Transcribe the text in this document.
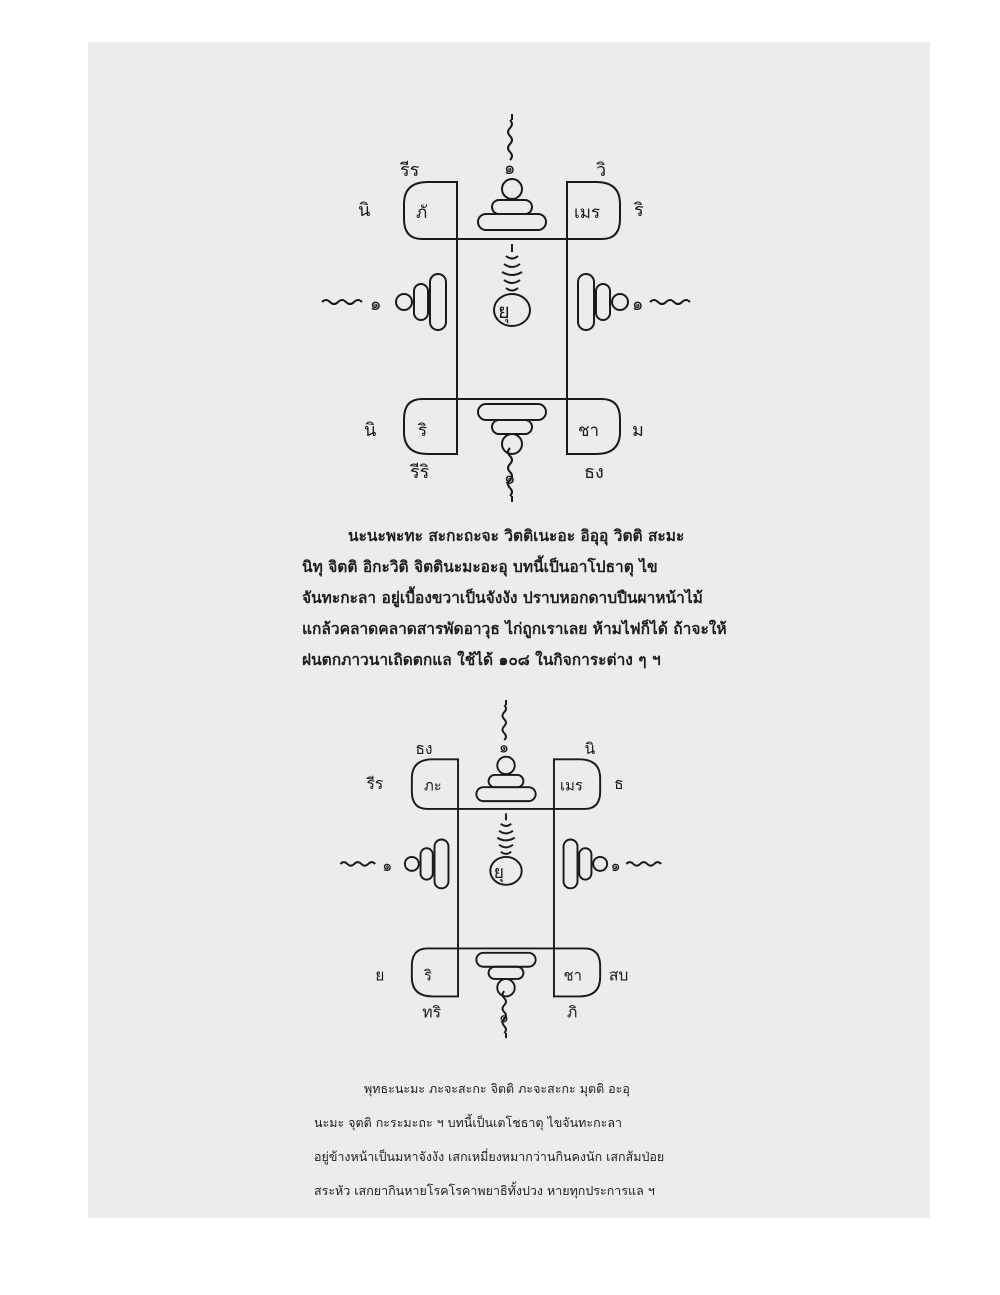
รีร
นิ	ภั
๑	วิ
เมร ริ
๑	๑
ยุ
นิ ริ	ชา ม
รีริ	๑	ธง
นะนะพะทะ สะกะถะจะ วิตติเนะอะ อิอุอุ วิตติ สะมะ
นิทุ จิตติ อิกะวิติ จิตตินะมะอะอุ บทนี้เป็นอาโปธาตุ ไข
จันทะกะลา อยู่เบื้องขวาเป็นจังงัง ปราบหอกดาบปืนผาหน้าไม้
แกล้วคลาดคลาดสารพัดอาวุธ ไก่ถูกเราเลย ห้ามไฟก็ได้ ถ้าจะให้
ฝนตกภาวนาเถิดตกแล ใช้ได้ ๑๐๘ ในกิจการะต่าง ๆ ฯ
ธง
รีร ภะ
๑	นิ
เมร ธ
๑	๑
ยุ
ย ริ	ชา สบ
ทริ	๑	ภิ
พุทธะนะมะ ภะจะสะกะ จิตติ ภะจะสะกะ มุตติ อะอุ
นะมะ จุตติ กะระมะถะ ฯ บทนี้เป็นเตโชธาตุ ไขจันทะกะลา
อยู่ข้างหน้าเป็นมหาจังงัง เสกเหมี่ยงหมากว่านกินคงนัก เสกส้มป่อย
สระหัว เสกยากินหายโรคโรคาพยาธิทั้งปวง หายทุกประการแล ฯ
